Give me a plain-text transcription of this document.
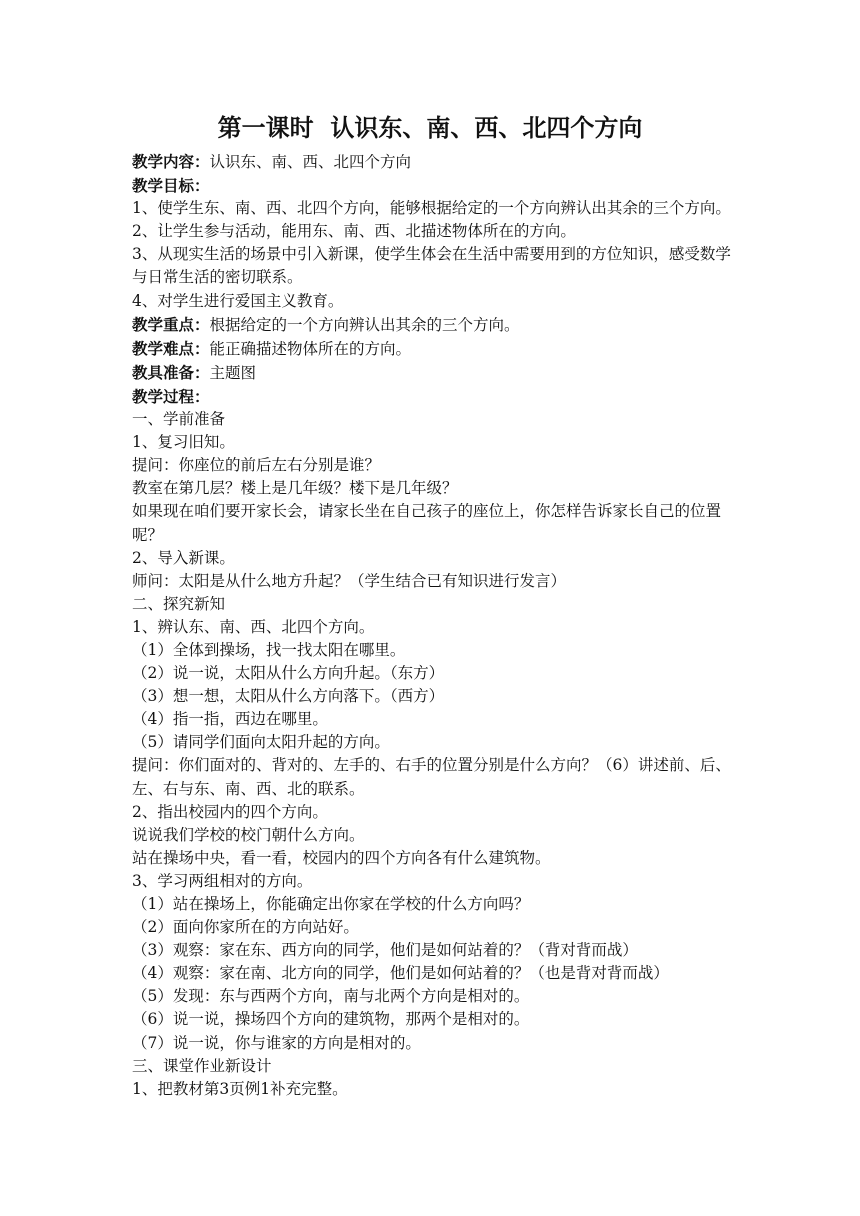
第一课时  认识东、南、西、北四个方向

教学内容：认识东、南、西、北四个方向

教学目标：

1、使学生东、南、西、北四个方向，能够根据给定的一个方向辨认出其余的三个方向。

2、让学生参与活动，能用东、南、西、北描述物体所在的方向。

3、从现实生活的场景中引入新课，使学生体会在生活中需要用到的方位知识，感受数学与日常生活的密切联系。

4、对学生进行爱国主义教育。

教学重点：根据给定的一个方向辨认出其余的三个方向。

教学难点：能正确描述物体所在的方向。

教具准备：主题图

教学过程：

一、学前准备

1、复习旧知。

提问：你座位的前后左右分别是谁？

教室在第几层？楼上是几年级？楼下是几年级？

如果现在咱们要开家长会，请家长坐在自己孩子的座位上，你怎样告诉家长自己的位置呢？

2、导入新课。

师问：太阳是从什么地方升起？（学生结合已有知识进行发言）

二、探究新知

1、辨认东、南、西、北四个方向。

（1）全体到操场，找一找太阳在哪里。

（2）说一说，太阳从什么方向升起。（东方）

（3）想一想，太阳从什么方向落下。（西方）

（4）指一指，西边在哪里。

（5）请同学们面向太阳升起的方向。

提问：你们面对的、背对的、左手的、右手的位置分别是什么方向？（6）讲述前、后、左、右与东、南、西、北的联系。

2、指出校园内的四个方向。

说说我们学校的校门朝什么方向。

站在操场中央，看一看，校园内的四个方向各有什么建筑物。

3、学习两组相对的方向。

（1）站在操场上，你能确定出你家在学校的什么方向吗？

（2）面向你家所在的方向站好。

（3）观察：家在东、西方向的同学，他们是如何站着的？（背对背而战）

（4）观察：家在南、北方向的同学，他们是如何站着的？（也是背对背而战）

（5）发现：东与西两个方向，南与北两个方向是相对的。

（6）说一说，操场四个方向的建筑物，那两个是相对的。

（7）说一说，你与谁家的方向是相对的。

三、课堂作业新设计

1、把教材第3页例1补充完整。
